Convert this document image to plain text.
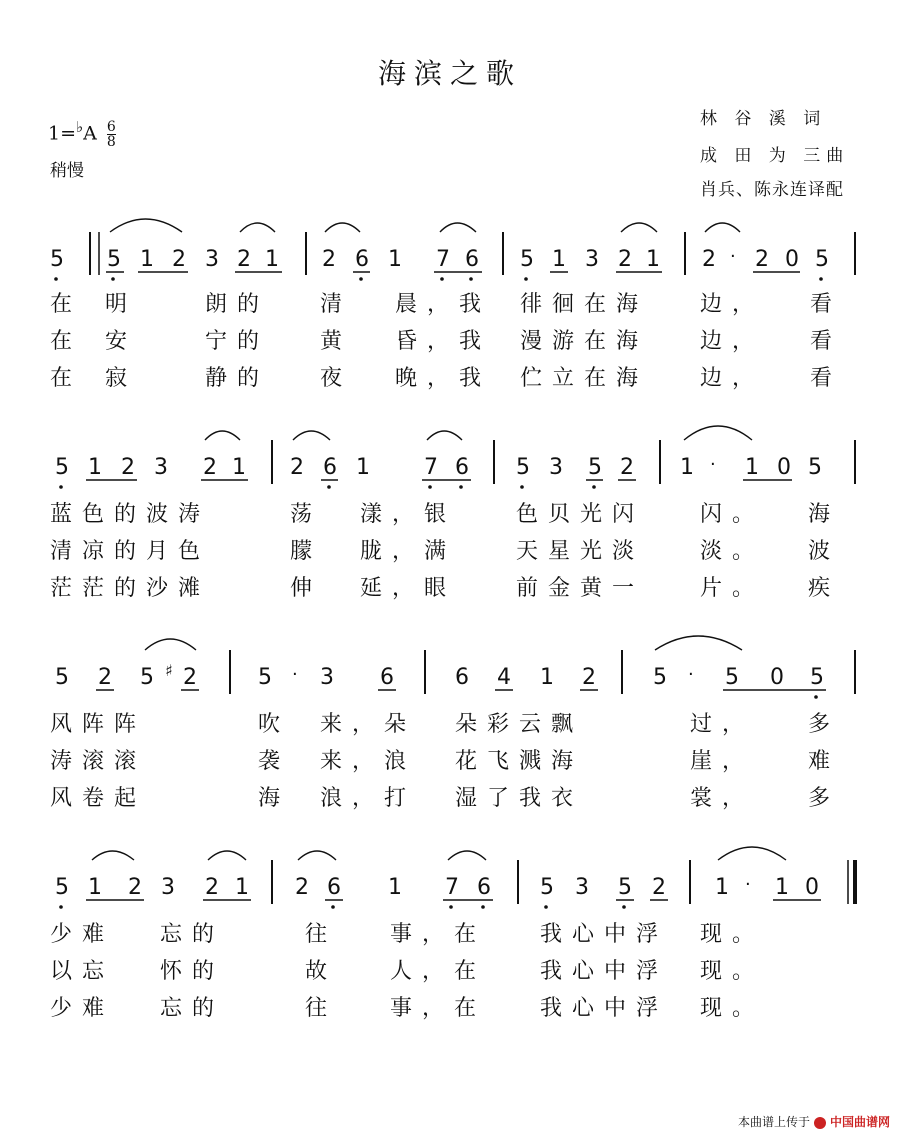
海滨之歌
$1=^♭A \frac{6}{8}$
稍慢
林 谷 溪 词
成 田 为 三曲
肖兵、陈永连译配
5 5 1 2 3 2 1 2 6 1 7 6 5 1 3 2 1 2 · 2 0 5
5 1 2 3 2 1 2 6 1 7 6 5 3 5 2 1 · 1 0 5
5 2 5 ♯ 2	5 · 3 6	6 4 1 2	5 · 5 0 5
5 1 2 3 2 1 2 6 1 7 6 5 3 5 2 1 · 1 0
在 明	朗的 清 晨，我 徘徊在海 边， 看
在 安	宁的 黄 昏，我 漫游在海 边， 看
在 寂	静的 夜 晚，我 伫立在海 边， 看
蓝色的波涛	荡 漾，银	色贝光闪	闪。 海
清凉的月色	朦 胧，满	天星光淡	淡。 波
茫茫的沙滩	伸 延，眼	前金黄一	片。 疾
风阵阵	吹 来，朵 朵彩云飘	过， 多
涛滚滚	袭 来，浪 花飞溅海	崖， 难
风卷起	海 浪，打 湿了我衣	裳， 多
少难 忘的	往 事，在 我心中浮 现。
以忘 怀的	故 人，在 我心中浮 现。
少难 忘的	往 事，在 我心中浮 现。
本曲谱上传于 中国曲谱网
